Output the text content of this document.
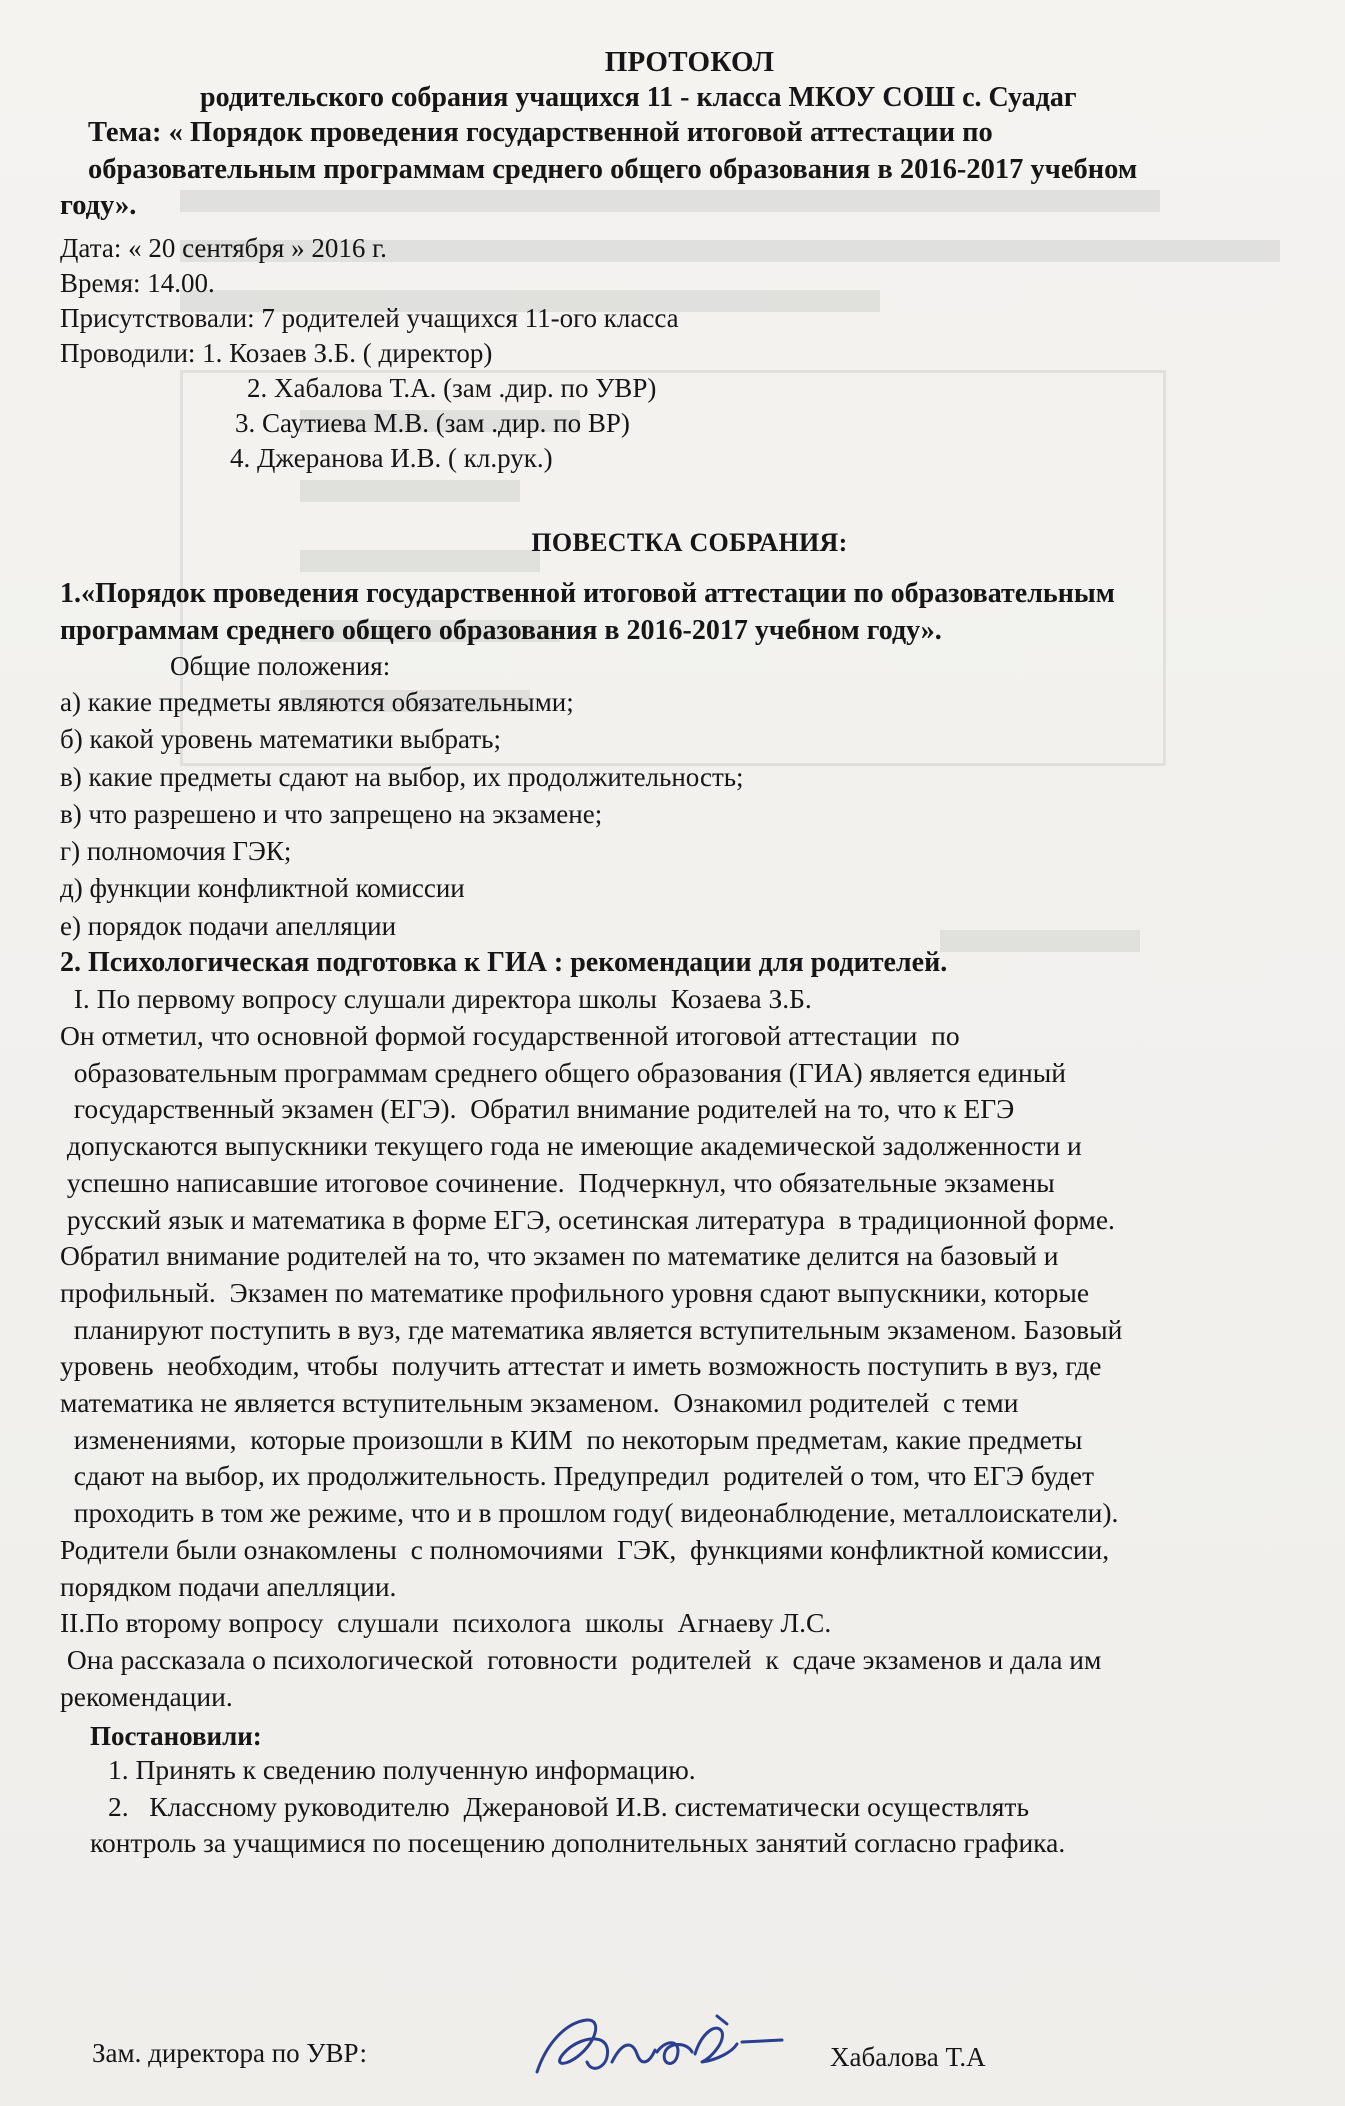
ПРОТОКОЛ
родительского собрания учащихся 11 - класса МКОУ СОШ с. Суадаг
Тема: « Порядок проведения государственной итоговой аттестации по
образовательным программам среднего общего образования в 2016-2017 учебном
году».
Дата: « 20 сентября » 2016 г.
Время: 14.00.
Присутствовали: 7 родителей учащихся 11-ого класса
Проводили: 1. Козаев З.Б. ( директор)
2. Хабалова Т.А. (зам .дир. по УВР)
3. Саутиева М.В. (зам .дир. по ВР)
4. Джеранова И.В. ( кл.рук.)
ПОВЕСТКА СОБРАНИЯ:
1.«Порядок проведения государственной итоговой аттестации по образовательным
программам среднего общего образования в 2016-2017 учебном году».
Общие положения:
а) какие предметы являются обязательными;
б) какой уровень математики выбрать;
в) какие предметы сдают на выбор, их продолжительность;
в) что разрешено и что запрещено на экзамене;
г) полномочия ГЭК;
д) функции конфликтной комиссии
е) порядок подачи апелляции
2. Психологическая подготовка к ГИА : рекомендации для родителей.

I. По первому вопросу слушали директора школы  Козаева З.Б.

Он отметил, что основной формой государственной итоговой аттестации  по

образовательным программам среднего общего образования (ГИА) является единый

государственный экзамен (ЕГЭ).  Обратил внимание родителей на то, что к ЕГЭ

допускаются выпускники текущего года не имеющие академической задолженности и

успешно написавшие итоговое сочинение.  Подчеркнул, что обязательные экзамены

русский язык и математика в форме ЕГЭ, осетинская литература  в традиционной форме.

Обратил внимание родителей на то, что экзамен по математике делится на базовый и

профильный.  Экзамен по математике профильного уровня сдают выпускники, которые

планируют поступить в вуз, где математика является вступительным экзаменом. Базовый

уровень  необходим, чтобы  получить аттестат и иметь возможность поступить в вуз, где

математика не является вступительным экзаменом.  Ознакомил родителей  с теми

изменениями,  которые произошли в КИМ  по некоторым предметам, какие предметы

сдают на выбор, их продолжительность. Предупредил  родителей о том, что ЕГЭ будет

проходить в том же режиме, что и в прошлом году( видеонаблюдение, металлоискатели).

Родители были ознакомлены  с полномочиями  ГЭК,  функциями конфликтной комиссии,

порядком подачи апелляции.

II.По второму вопросу  слушали  психолога  школы  Агнаеву Л.С.

Она рассказала о психологической  готовности  родителей  к  сдаче экзаменов и дала им

рекомендации.

Постановили:
1. Принять к сведению полученную информацию.
2.   Классному руководителю  Джерановой И.В. систематически осуществлять
контроль за учащимися по посещению дополнительных занятий согласно графика.
Зам. директора по УВР:	Хабалова Т.А
